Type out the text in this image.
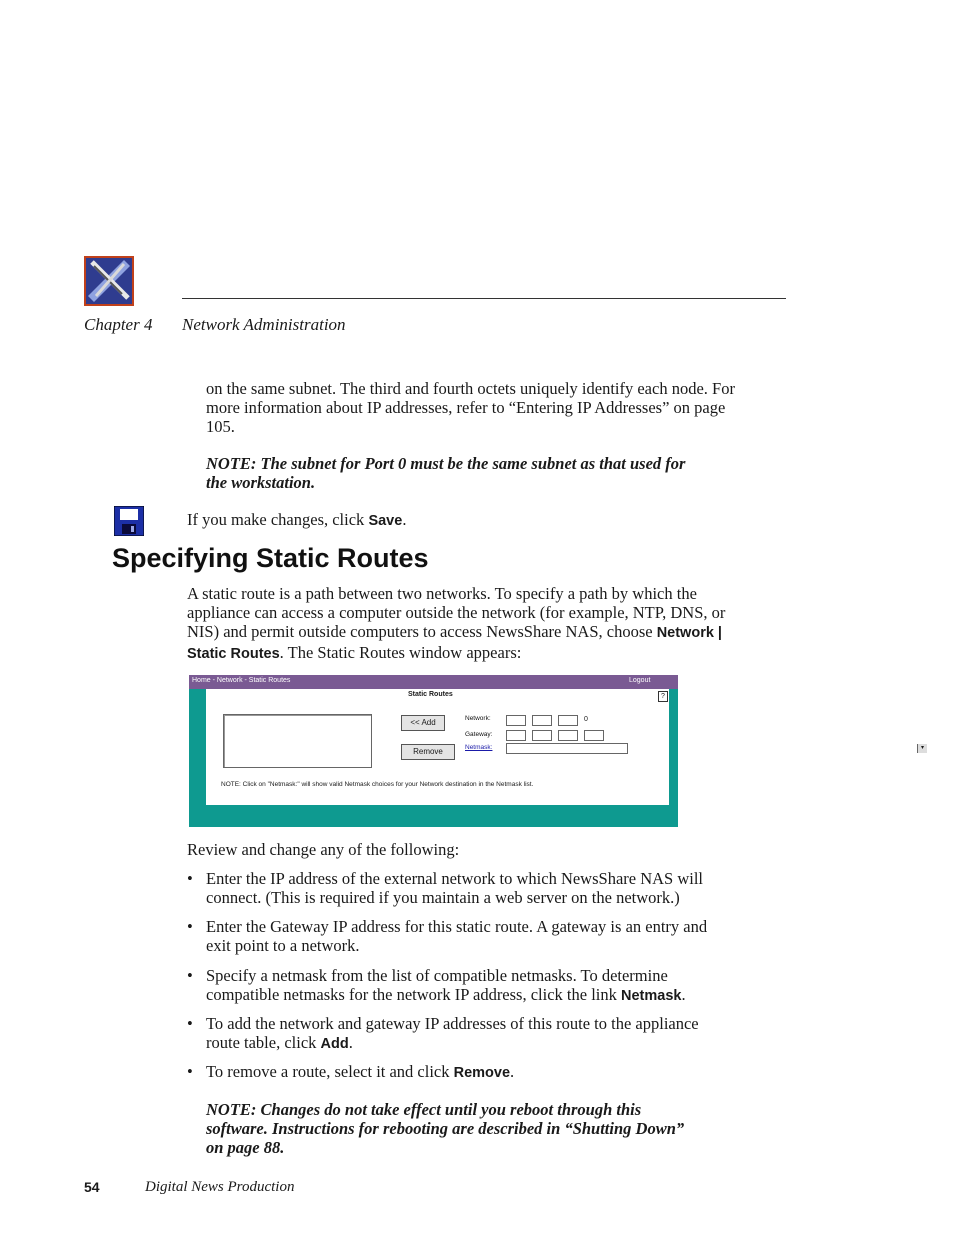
Chapter 4 Network Administration
on the same subnet. The third and fourth octets uniquely identify each node. For more information about IP addresses, refer to “Entering IP Addresses” on page 105.
NOTE: The subnet for Port 0 must be the same subnet as that used for the workstation.
If you make changes, click Save.
Specifying Static Routes
A static route is a path between two networks. To specify a path by which the appliance can access a computer outside the network (for example, NTP, DNS, or NIS) and permit outside computers to access NewsShare NAS, choose Network | Static Routes. The Static Routes window appears:
Home - Network - Static Routes	Logout
?
Static Routes
<< Add
Remove
Network:	0
Gateway:
Netmask:	▾
NOTE: Click on "Netmask:" will show valid Netmask choices for your Network destination in the Netmask list.
Review and change any of the following:
• Enter the IP address of the external network to which NewsShare NAS will connect. (This is required if you maintain a web server on the network.)
• Enter the Gateway IP address for this static route. A gateway is an entry and exit point to a network.
• Specify a netmask from the list of compatible netmasks. To determine compatible netmasks for the network IP address, click the link Netmask.
• To add the network and gateway IP addresses of this route to the appliance route table, click Add.
• To remove a route, select it and click Remove.
NOTE: Changes do not take effect until you reboot through this software. Instructions for rebooting are described in “Shutting Down” on page 88.
54	Digital News Production
